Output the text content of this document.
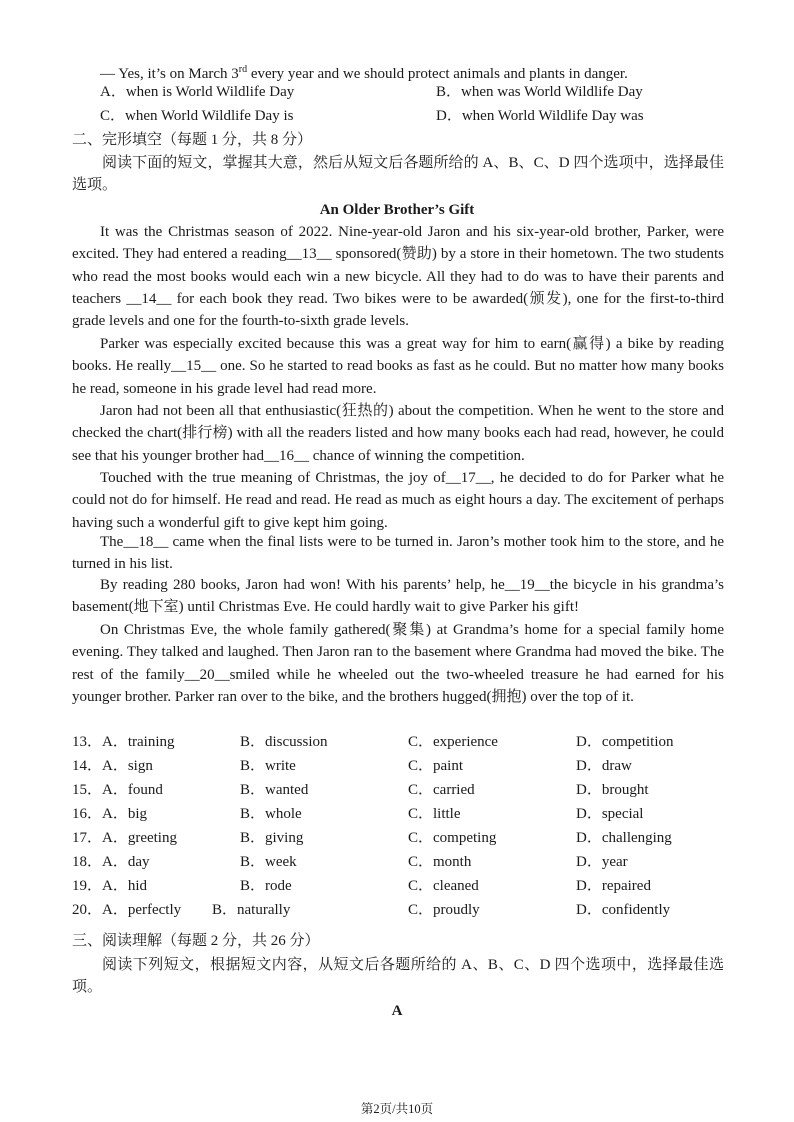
— Yes, it’s on March 3rd every year and we should protect animals and plants in danger.
A．when is World Wildlife Day	B．when was World Wildlife Day
C．when World Wildlife Day is	D．when World Wildlife Day was
二、完形填空（每题 1 分，共 8 分）
阅读下面的短文，掌握其大意，然后从短文后各题所给的 A、B、C、D 四个选项中，选择最佳选项。
An Older Brother’s Gift
It was the Christmas season of 2022. Nine-year-old Jaron and his six-year-old brother, Parker, were excited. They had entered a reading__13__ sponsored(赞助) by a store in their hometown. The two students who read the most books would each win a new bicycle. All they had to do was to have their parents and teachers __14__ for each book they read. Two bikes were to be awarded(颁发), one for the first-to-third grade levels and one for the fourth-to-sixth grade levels.
Parker was especially excited because this was a great way for him to earn(赢得) a bike by reading books. He really__15__ one. So he started to read books as fast as he could. But no matter how many books he read, someone in his grade level had read more.
Jaron had not been all that enthusiastic(狂热的) about the competition. When he went to the store and checked the chart(排行榜) with all the readers listed and how many books each had read, however, he could see that his younger brother had__16__ chance of winning the competition.
Touched with the true meaning of Christmas, the joy of__17__, he decided to do for Parker what he could not do for himself. He read and read. He read as much as eight hours a day. The excitement of perhaps having such a wonderful gift to give kept him going.
The__18__ came when the final lists were to be turned in. Jaron’s mother took him to the store, and he turned in his list.
By reading 280 books, Jaron had won! With his parents’ help, he__19__the bicycle in his grandma’s basement(地下室) until Christmas Eve. He could hardly wait to give Parker his gift!
On Christmas Eve, the whole family gathered(聚集) at Grandma’s home for a special family home evening. They talked and laughed. Then Jaron ran to the basement where Grandma had moved the bike. The rest of the family__20__smiled while he wheeled out the two-wheeled treasure he had earned for his younger brother. Parker ran over to the bike, and the brothers hugged(拥抱) over the top of it.
13．A．training	B．discussion	C．experience	D．competition
14．A．sign	B．write	C．paint	D．draw
15．A．found	B．wanted	C．carried	D．brought
16．A．big	B．whole	C．little	D．special
17．A．greeting	B．giving	C．competing	D．challenging
18．A．day	B．week	C．month	D．year
19．A．hid	B．rode	C．cleaned	D．repaired
20．A．perfectly B．naturally	C．proudly	D．confidently
三、阅读理解（每题 2 分，共 26 分）
阅读下列短文，根据短文内容，从短文后各题所给的 A、B、C、D 四个选项中，选择最佳选项。
A
第2页/共10页
